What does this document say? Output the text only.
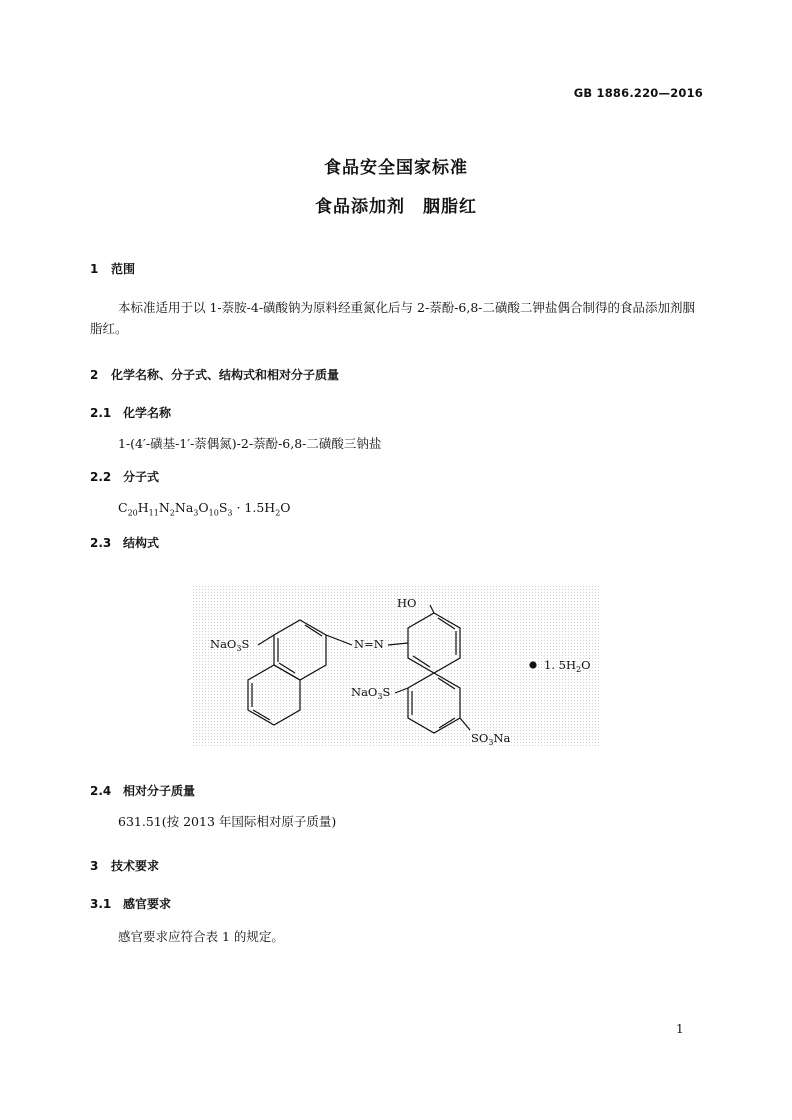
GB 1886.220—2016
食品安全国家标准
食品添加剂　胭脂红
1 范围
本标准适用于以 1-萘胺-4-磺酸钠为原料经重氮化后与 2-萘酚-6,8-二磺酸二钾盐偶合制得的食品添加剂胭脂红。
2 化学名称、分子式、结构式和相对分子质量
2.1 化学名称
1-(4′-磺基-1′-萘偶氮)-2-萘酚-6,8-二磺酸三钠盐
2.2 分子式
$C_{20}H_{11}N_2Na_3O_{10}S_3 \cdot 1.5H_2O$
2.3 结构式
HO
NaO$_3$S	N=N
NaO$_3$S
$SO_3Na$
1. $5H_2O$
2.4 相对分子质量
631.51(按 2013 年国际相对原子质量)
3 技术要求
3.1 感官要求
感官要求应符合表 1 的规定。
1
